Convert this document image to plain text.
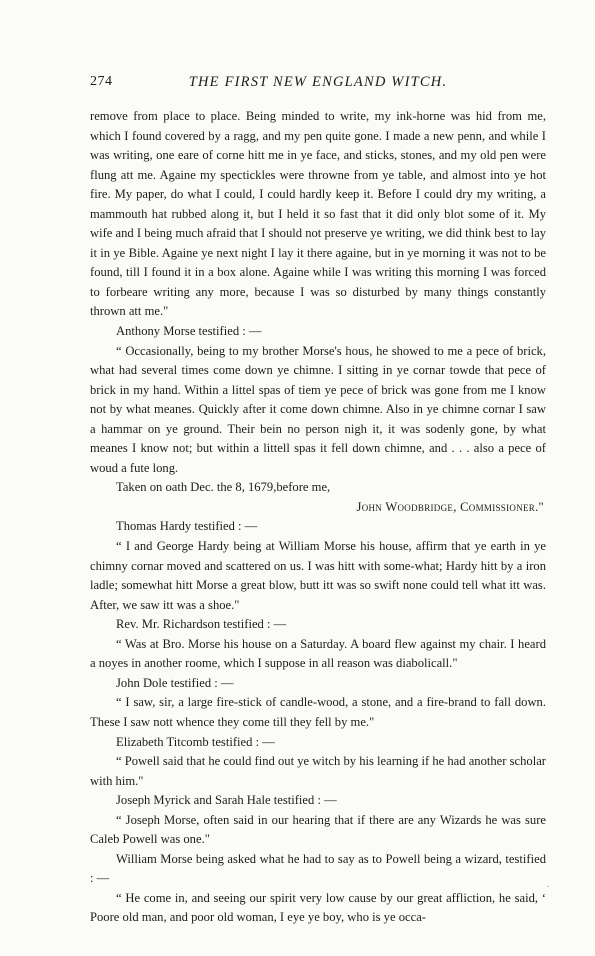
274	THE FIRST NEW ENGLAND WITCH.

remove from place to place. Being minded to write, my ink-horne was hid from me, which I found covered by a ragg, and my pen quite gone. I made a new penn, and while I was writing, one eare of corne hitt me in ye face, and sticks, stones, and my old pen were flung att me. Againe my spectickles were throwne from ye table, and almost into ye hot fire. My paper, do what I could, I could hardly keep it. Before I could dry my writing, a mammouth hat rubbed along it, but I held it so fast that it did only blot some of it. My wife and I being much afraid that I should not preserve ye writing, we did think best to lay it in ye Bible. Againe ye next night I lay it there againe, but in ye morning it was not to be found, till I found it in a box alone. Againe while I was writing this morning I was forced to forbeare writing any more, because I was so disturbed by many things constantly thrown att me."

Anthony Morse testified : —

“ Occasionally, being to my brother Morse's hous, he showed to me a pece of brick, what had several times come down ye chimne. I sitting in ye cornar towde that pece of brick in my hand. Within a littel spas of tiem ye pece of brick was gone from me I know not by what meanes. Quickly after it come down chimne. Also in ye chimne cornar I saw a hammar on ye ground. Their bein no person nigh it, it was sodenly gone, by what meanes I know not; but within a littell spas it fell down chimne, and . . . also a pece of woud a fute long.

Taken on oath Dec. the 8, 1679,before me,

John Woodbridge, Commissioner."

Thomas Hardy testified : —

“ I and George Hardy being at William Morse his house, affirm that ye earth in ye chimny cornar moved and scattered on us. I was hitt with some-what; Hardy hitt by a iron ladle; somewhat hitt Morse a great blow, butt itt was so swift none could tell what itt was. After, we saw itt was a shoe."

Rev. Mr. Richardson testified : —

“ Was at Bro. Morse his house on a Saturday. A board flew against my chair. I heard a noyes in another roome, which I suppose in all reason was diabolicall."

John Dole testified : —

“ I saw, sir, a large fire-stick of candle-wood, a stone, and a fire-brand to fall down. These I saw nott whence they come till they fell by me."

Elizabeth Titcomb testified : —

“ Powell said that he could find out ye witch by his learning if he had another scholar with him."

Joseph Myrick and Sarah Hale testified : —

“ Joseph Morse, often said in our hearing that if there are any Wizards he was sure Caleb Powell was one."

William Morse being asked what he had to say as to Powell being a wizard, testified : —

“ He come in, and seeing our spirit very low cause by our great affliction, he said, ‘ Poore old man, and poor old woman, I eye ye boy, who is ye occa-

.
